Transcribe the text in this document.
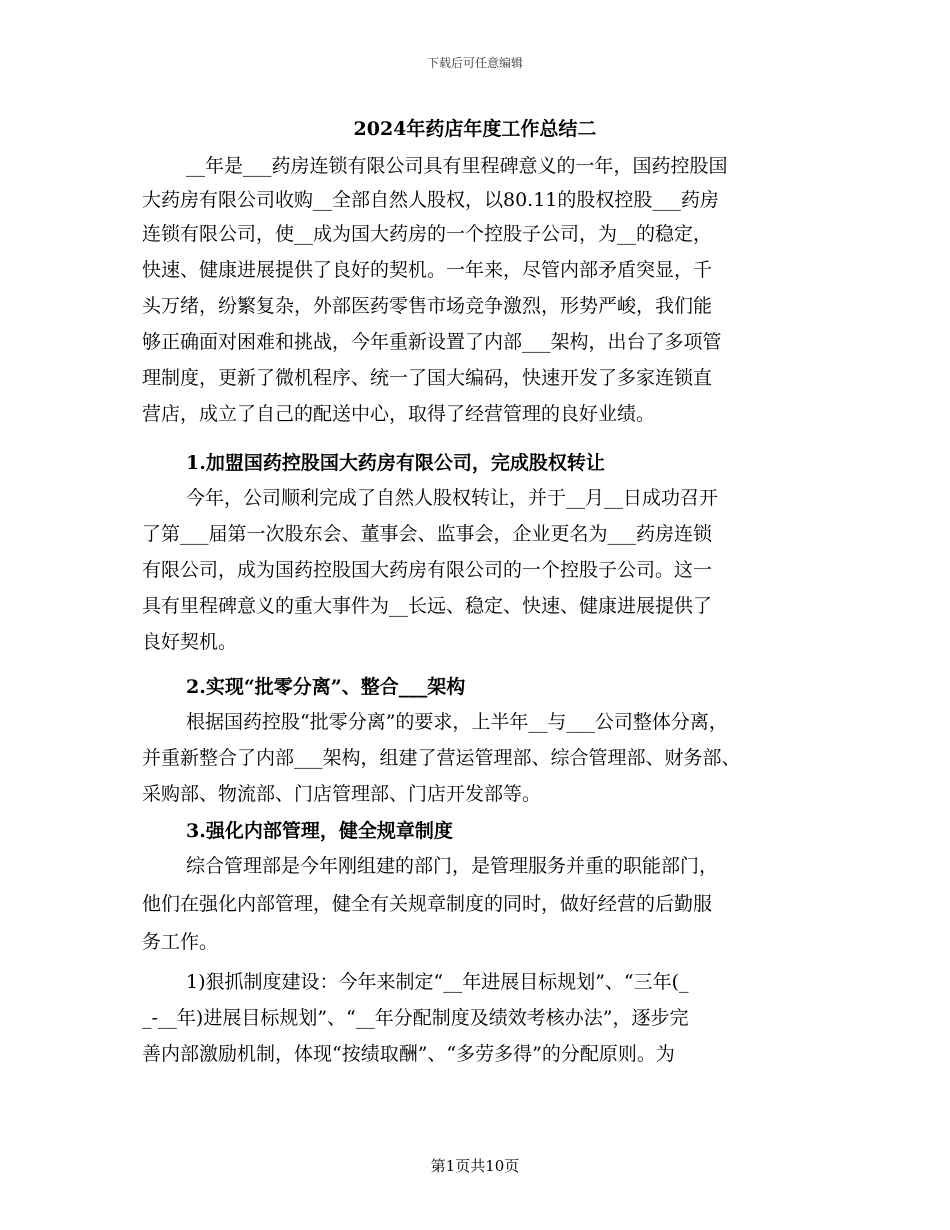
下载后可任意编辑
2024年药店年度工作总结二
__年是___药房连锁有限公司具有里程碑意义的一年，国药控股国
大药房有限公司收购__全部自然人股权，以80.11的股权控股___药房
连锁有限公司，使__成为国大药房的一个控股子公司，为__的稳定，
快速、健康进展提供了良好的契机。一年来，尽管内部矛盾突显，千
头万绪，纷繁复杂，外部医药零售市场竞争激烈，形势严峻，我们能
够正确面对困难和挑战，今年重新设置了内部___架构，出台了多项管
理制度，更新了微机程序、统一了国大编码，快速开发了多家连锁直
营店，成立了自己的配送中心，取得了经营管理的良好业绩。
1.加盟国药控股国大药房有限公司，完成股权转让
今年，公司顺利完成了自然人股权转让，并于__月__日成功召开
了第___届第一次股东会、董事会、监事会，企业更名为___药房连锁
有限公司，成为国药控股国大药房有限公司的一个控股子公司。这一
具有里程碑意义的重大事件为__长远、稳定、快速、健康进展提供了
良好契机。
2.实现“批零分离”、整合___架构
根据国药控股“批零分离”的要求，上半年__与___公司整体分离，
并重新整合了内部___架构，组建了营运管理部、综合管理部、财务部、
采购部、物流部、门店管理部、门店开发部等。
3.强化内部管理，健全规章制度
综合管理部是今年刚组建的部门，是管理服务并重的职能部门，
他们在强化内部管理，健全有关规章制度的同时，做好经营的后勤服
务工作。
1)狠抓制度建设：今年来制定“__年进展目标规划”、“三年(_
_-__年)进展目标规划”、“__年分配制度及绩效考核办法”，逐步完
善内部激励机制，体现“按绩取酬”、“多劳多得”的分配原则。为
第1页共10页
